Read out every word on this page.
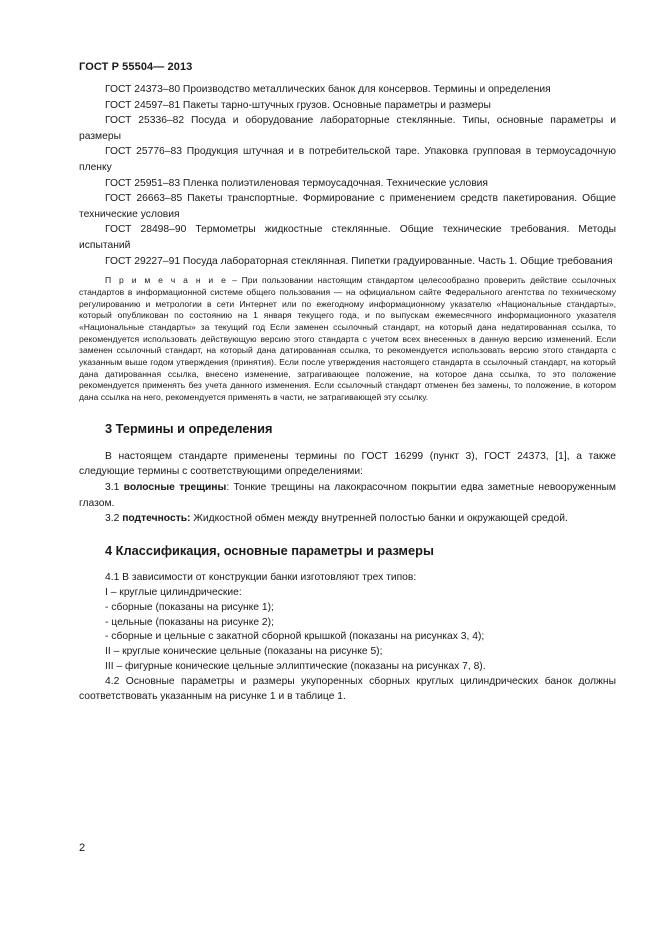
ГОСТ Р 55504— 2013

ГОСТ 24373–80 Производство металлических банок для консервов. Термины и определения

ГОСТ 24597–81 Пакеты тарно-штучных грузов. Основные параметры и размеры

ГОСТ 25336–82 Посуда и оборудование лабораторные стеклянные. Типы, основные параметры и размеры

ГОСТ 25776–83 Продукция штучная и в потребительской таре. Упаковка групповая в термоусадочную пленку

ГОСТ 25951–83 Пленка полиэтиленовая термоусадочная. Технические условия

ГОСТ 26663–85 Пакеты транспортные. Формирование с применением средств пакетирования. Общие технические условия

ГОСТ 28498–90 Термометры жидкостные стеклянные. Общие технические требования. Методы испытаний

ГОСТ 29227–91 Посуда лабораторная стеклянная. Пипетки градуированные. Часть 1. Общие требования

П р и м е ч а н и е – При пользовании настоящим стандартом целесообразно проверить действие ссылочных стандартов в информационной системе общего пользования — на официальном сайте Федерального агентства по техническому регулированию и метрологии в сети Интернет или по ежегодному информационному указателю «Национальные стандарты», который опубликован по состоянию на 1 января текущего года, и по выпускам ежемесячного информационного указателя «Национальные стандарты» за текущий год Если заменен ссылочный стандарт, на который дана недатированная ссылка, то рекомендуется использовать действующую версию этого стандарта с учетом всех внесенных в данную версию изменений. Если заменен ссылочный стандарт, на который дана датированная ссылка, то рекомендуется использовать версию этого стандарта с указанным выше годом утверждения (принятия). Если после утверждения настоящего стандарта в ссылочный стандарт, на который дана датированная ссылка, внесено изменение, затрагивающее положение, на которое дана ссылка, то это положение рекомендуется применять без учета данного изменения. Если ссылочный стандарт отменен без замены, то положение, в котором дана ссылка на него, рекомендуется применять в части, не затрагивающей эту ссылку.

3 Термины и определения

В настоящем стандарте применены термины по ГОСТ 16299 (пункт 3), ГОСТ 24373, [1], а также следующие термины с соответствующими определениями:

3.1 волосные трещины: Тонкие трещины на лакокрасочном покрытии едва заметные невооруженным глазом.

3.2 подтечность: Жидкостной обмен между внутренней полостью банки и окружающей средой.

4 Классификация, основные параметры и размеры

4.1 В зависимости от конструкции банки изготовляют трех типов:

I – круглые цилиндрические:

- сборные (показаны на рисунке 1);

- цельные (показаны на рисунке 2);

- сборные и цельные с закатной сборной крышкой (показаны на рисунках 3, 4);

II – круглые конические цельные (показаны на рисунке 5);

III – фигурные конические цельные эллиптические (показаны на рисунках 7, 8).

4.2 Основные параметры и размеры укупоренных сборных круглых цилиндрических банок должны соответствовать указанным на рисунке 1 и в таблице 1.

2
